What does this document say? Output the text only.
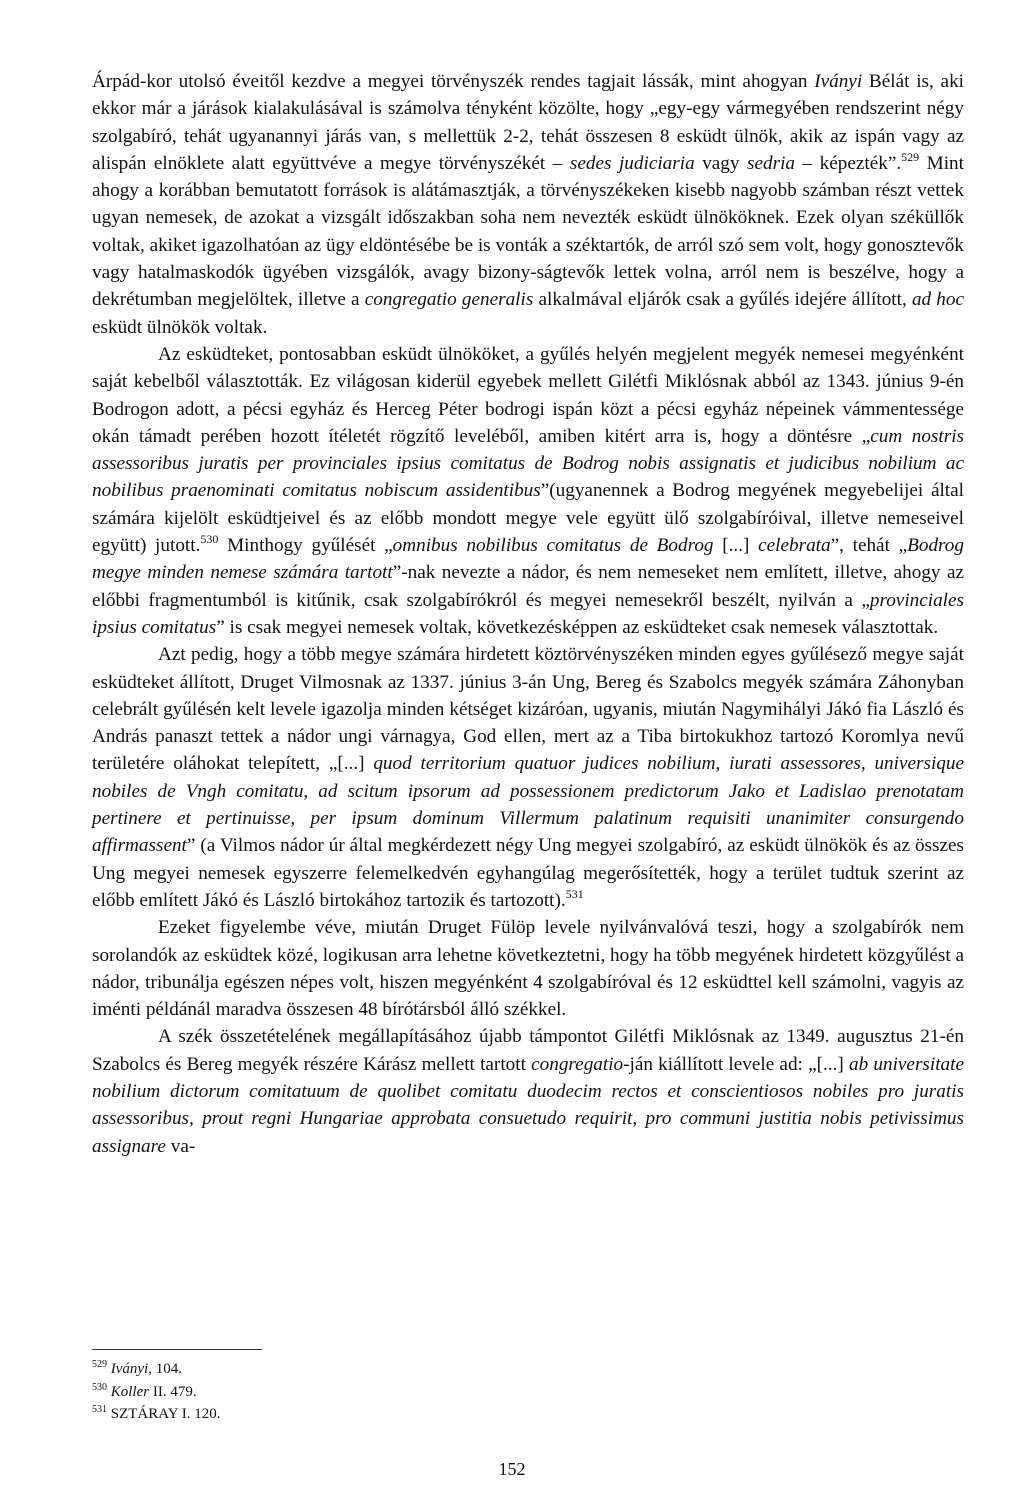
Árpád-kor utolsó éveitől kezdve a megyei törvényszék rendes tagjait lássák, mint ahogyan Iványi Bélát is, aki ekkor már a járások kialakulásával is számolva tényként közölte, hogy „egy-egy vármegyében rendszerint négy szolgabíró, tehát ugyanannyi járás van, s mellettük 2-2, tehát összesen 8 esküdt ülnök, akik az ispán vagy az alispán elnöklete alatt együttvéve a megye törvényszékét – sedes judiciaria vagy sedria – képezték”.$^{529}$ Mint ahogy a korábban bemutatott források is alátámasztják, a törvényszékeken kisebb nagyobb számban részt vettek ugyan nemesek, de azokat a vizsgált időszakban soha nem nevezték esküdt ülnököknek. Ezek olyan széküllők voltak, akiket igazolhatóan az ügy eldöntésébe be is vonták a széktartók, de arról szó sem volt, hogy gonosztevők vagy hatalmaskodók ügyében vizsgálók, avagy bizony-ságtevők lettek volna, arról nem is beszélve, hogy a dekrétumban megjelöltek, illetve a congregatio generalis alkalmával eljárók csak a gyűlés idejére állított, ad hoc esküdt ülnökök voltak.

Az esküdteket, pontosabban esküdt ülnököket, a gyűlés helyén megjelent megyék nemesei megyénként saját kebelből választották. Ez világosan kiderül egyebek mellett Gilétfi Miklósnak abból az 1343. június 9-én Bodrogon adott, a pécsi egyház és Herceg Péter bodrogi ispán közt a pécsi egyház népeinek vámmentessége okán támadt perében hozott ítéletét rögzítő leveléből, amiben kitért arra is, hogy a döntésre „cum nostris assessoribus juratis per provinciales ipsius comitatus de Bodrog nobis assignatis et judicibus nobilium ac nobilibus praenominati comitatus nobiscum assidentibus”(ugyanennek a Bodrog megyének megyebelijei által számára kijelölt esküdtjeivel és az előbb mondott megye vele együtt ülő szolgabíróival, illetve nemeseivel együtt) jutott.$^{530}$ Minthogy gyűlését „omnibus nobilibus comitatus de Bodrog [...] celebrata”, tehát „Bodrog megye minden nemese számára tartott”-nak nevezte a nádor, és nem nemeseket nem említett, illetve, ahogy az előbbi fragmentumból is kitűnik, csak szolgabírókról és megyei nemesekről beszélt, nyilván a „provinciales ipsius comitatus” is csak megyei nemesek voltak, következésképpen az esküdteket csak nemesek választottak.

Azt pedig, hogy a több megye számára hirdetett köztörvényszéken minden egyes gyűlésező megye saját esküdteket állított, Druget Vilmosnak az 1337. június 3-án Ung, Bereg és Szabolcs megyék számára Záhonyban celebrált gyűlésén kelt levele igazolja minden kétséget kizáróan, ugyanis, miután Nagymihályi Jákó fia László és András panaszt tettek a nádor ungi várnagya, God ellen, mert az a Tiba birtokukhoz tartozó Koromlya nevű területére oláhokat telepített, „[...] quod territorium quatuor judices nobilium, iurati assessores, universique nobiles de Vngh comitatu, ad scitum ipsorum ad possessionem predictorum Jako et Ladislao prenotatam pertinere et pertinuisse, per ipsum dominum Villermum palatinum requisiti unanimiter consurgendo affirmassent” (a Vilmos nádor úr által megkérdezett négy Ung megyei szolgabíró, az esküdt ülnökök és az összes Ung megyei nemesek egyszerre felemelkedvén egyhangúlag megerősítették, hogy a terület tudtuk szerint az előbb említett Jákó és László birtokához tartozik és tartozott).$^{531}$

Ezeket figyelembe véve, miután Druget Fülöp levele nyilvánvalóvá teszi, hogy a szolgabírók nem sorolandók az esküdtek közé, logikusan arra lehetne következtetni, hogy ha több megyének hirdetett közgyűlést a nádor, tribunálja egészen népes volt, hiszen megyénként 4 szolgabíróval és 12 esküdttel kell számolni, vagyis az iménti példánál maradva összesen 48 bírótársból álló székkel.

A szék összetételének megállapításához újabb támpontot Gilétfi Miklósnak az 1349. augusztus 21-én Szabolcs és Bereg megyék részére Kárász mellett tartott congregatio-ján kiállított levele ad: „[...] ab universitate nobilium dictorum comitatuum de quolibet comitatu duodecim rectos et conscientiosos nobiles pro juratis assessoribus, prout regni Hungariae approbata consuetudo requirit, pro communi justitia nobis petivissimus assignare va-

$^{529}$ Iványi, 104.
$^{530}$ Koller II. 479.
$^{531}$ SZTÁRAY I. 120.
152
